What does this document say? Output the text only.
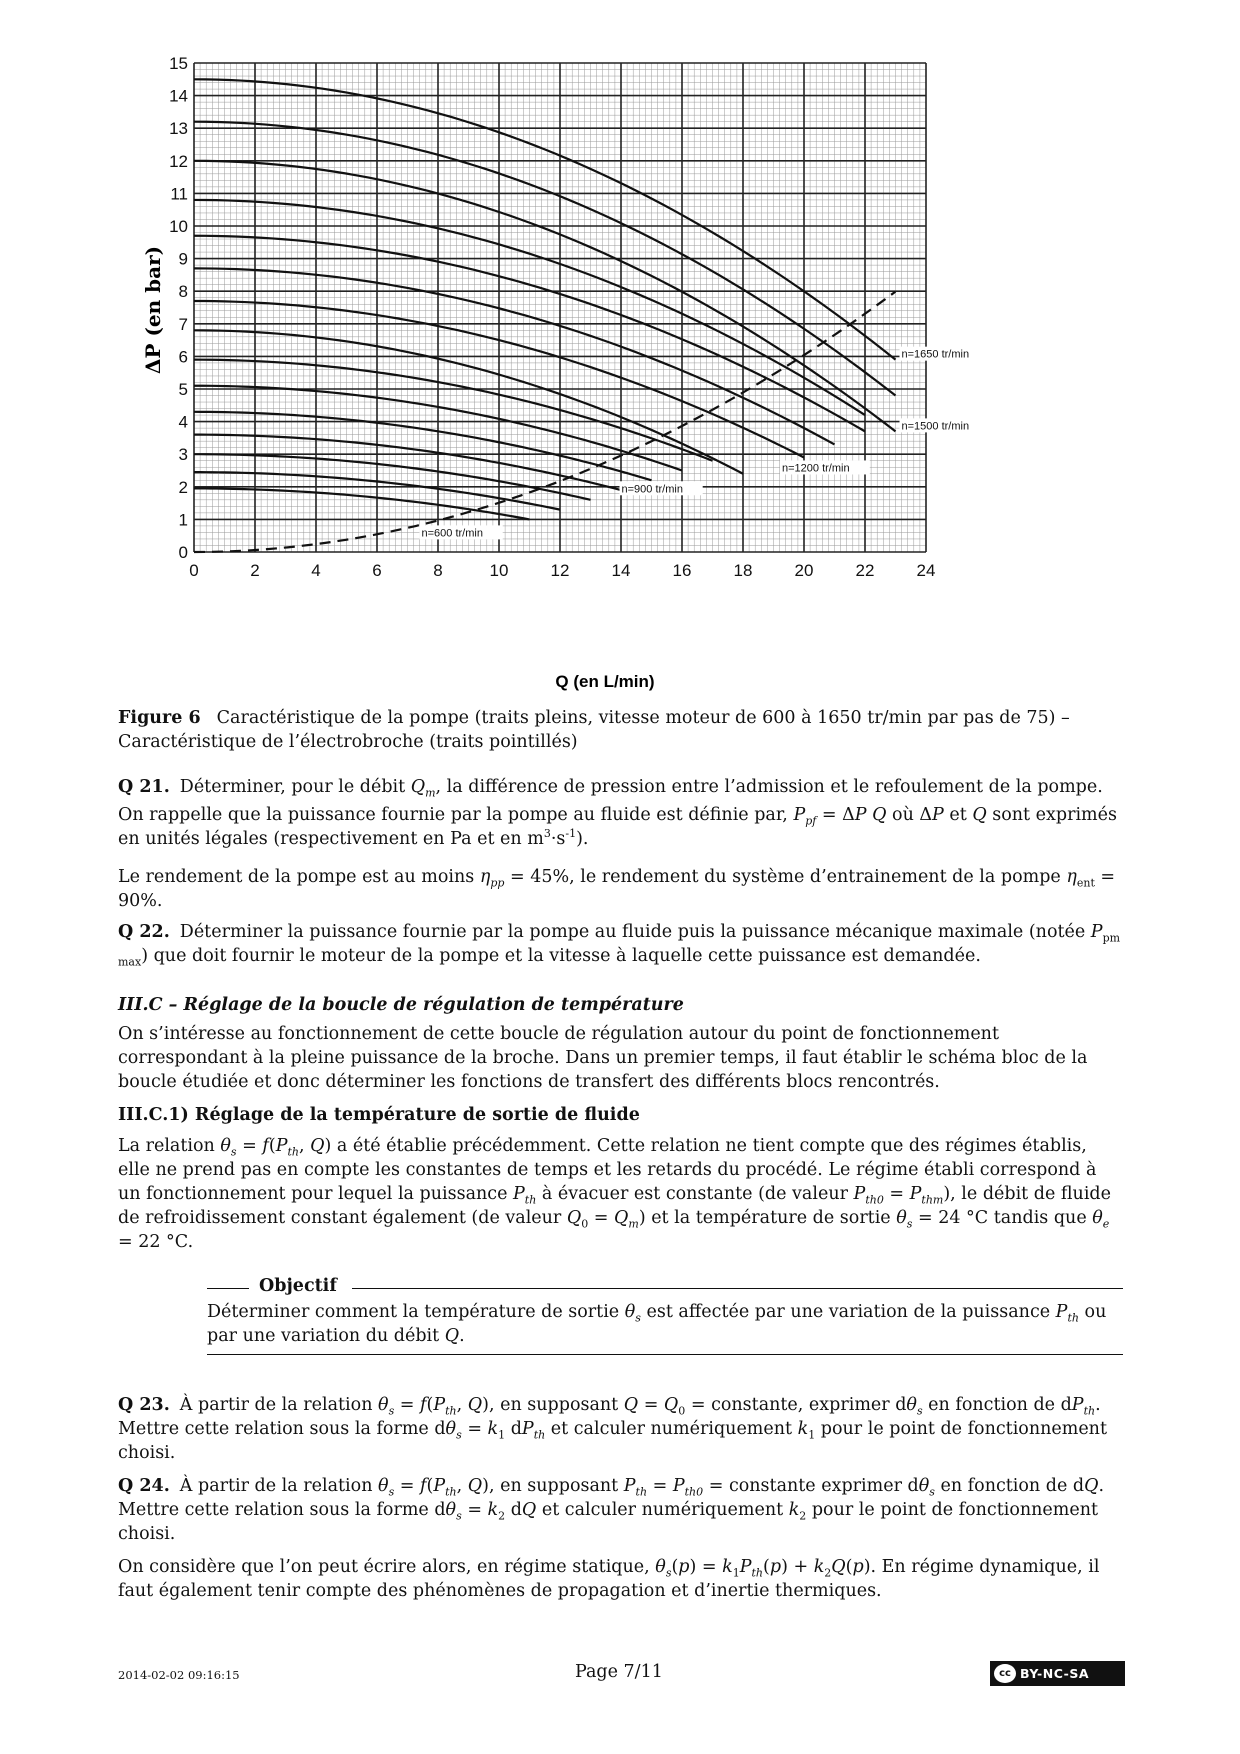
0
1
2
3
4
5
6
7
8
9
10
11
12
13
14
15
0	2	4	6	8	10 12 14 16 18 20 22 24
n=600 tr/min
n=900 tr/min
n=1200 tr/min
n=1500 tr/min
n=1650 tr/min
ΔP (en bar)
Q (en L/min)
Figure 6 Caractéristique de la pompe (traits pleins, vitesse moteur de 600 à 1650 tr/min par pas de 75) – Caractéristique de l’électrobroche (traits pointillés)
Q 21. Déterminer, pour le débit $Q_m$, la différence de pression entre l’admission et le refoulement de la pompe.
On rappelle que la puissance fournie par la pompe au fluide est définie par, $P_{pf} = \Delta P$ Q où ΔP et Q sont exprimés en unités légales (respectivement en Pa et en $m^3\cdot s^{-1}$).
Le rendement de la pompe est au moins $\eta_{pp} = 45\%$, le rendement du système d’entrainement de la pompe $\eta_{ent} = 90\%$.
Q 22. Déterminer la puissance fournie par la pompe au fluide puis la puissance mécanique maximale (notée $P_{pm max}$) que doit fournir le moteur de la pompe et la vitesse à laquelle cette puissance est demandée.
III.C – Réglage de la boucle de régulation de température
On s’intéresse au fonctionnement de cette boucle de régulation autour du point de fonctionnement correspondant à la pleine puissance de la broche. Dans un premier temps, il faut établir le schéma bloc de la boucle étudiée et donc déterminer les fonctions de transfert des différents blocs rencontrés.
III.C.1) Réglage de la température de sortie de fluide
La relation $\theta_s = f(P_{th}$, Q) a été établie précédemment. Cette relation ne tient compte que des régimes établis, elle ne prend pas en compte les constantes de temps et les retards du procédé. Le régime établi correspond à un fonctionnement pour lequel la puissance $P_{th}$ à évacuer est constante (de valeur $P_{th0} = P_{thm}$), le débit de fluide de refroidissement constant également (de valeur $Q_0 = Q_m$) et la température de sortie $\theta_s = 24$ °C tandis que $\theta_e = 22$ °C.
Objectif
Déterminer comment la température de sortie $\theta_s$ est affectée par une variation de la puissance $P_{th}$ ou par une variation du débit Q.
Q 23. À partir de la relation $\theta_s = f(P_{th}$, Q), en supposant $Q = Q_0$ = constante, exprimer $d\theta_s$ en fonction de $dP_{th}$. Mettre cette relation sous la forme $d\theta_s = k_1$ $dP_{th}$ et calculer numériquement $k_1$ pour le point de fonctionnement choisi.
Q 24. À partir de la relation $\theta_s = f(P_{th}$, Q), en supposant $P_{th} = P_{th0}$ = constante exprimer $d\theta_s$ en fonction de dQ. Mettre cette relation sous la forme $d\theta_s = k_2$ dQ et calculer numériquement $k_2$ pour le point de fonctionnement choisi.
On considère que l’on peut écrire alors, en régime statique, $\theta_s(p) = k_1P_{th}(p) + k_2Q(p)$. En régime dynamique, il faut également tenir compte des phénomènes de propagation et d’inertie thermiques.
2014-02-02 09:16:15	Page 7/11	cc BY-NC-SA
